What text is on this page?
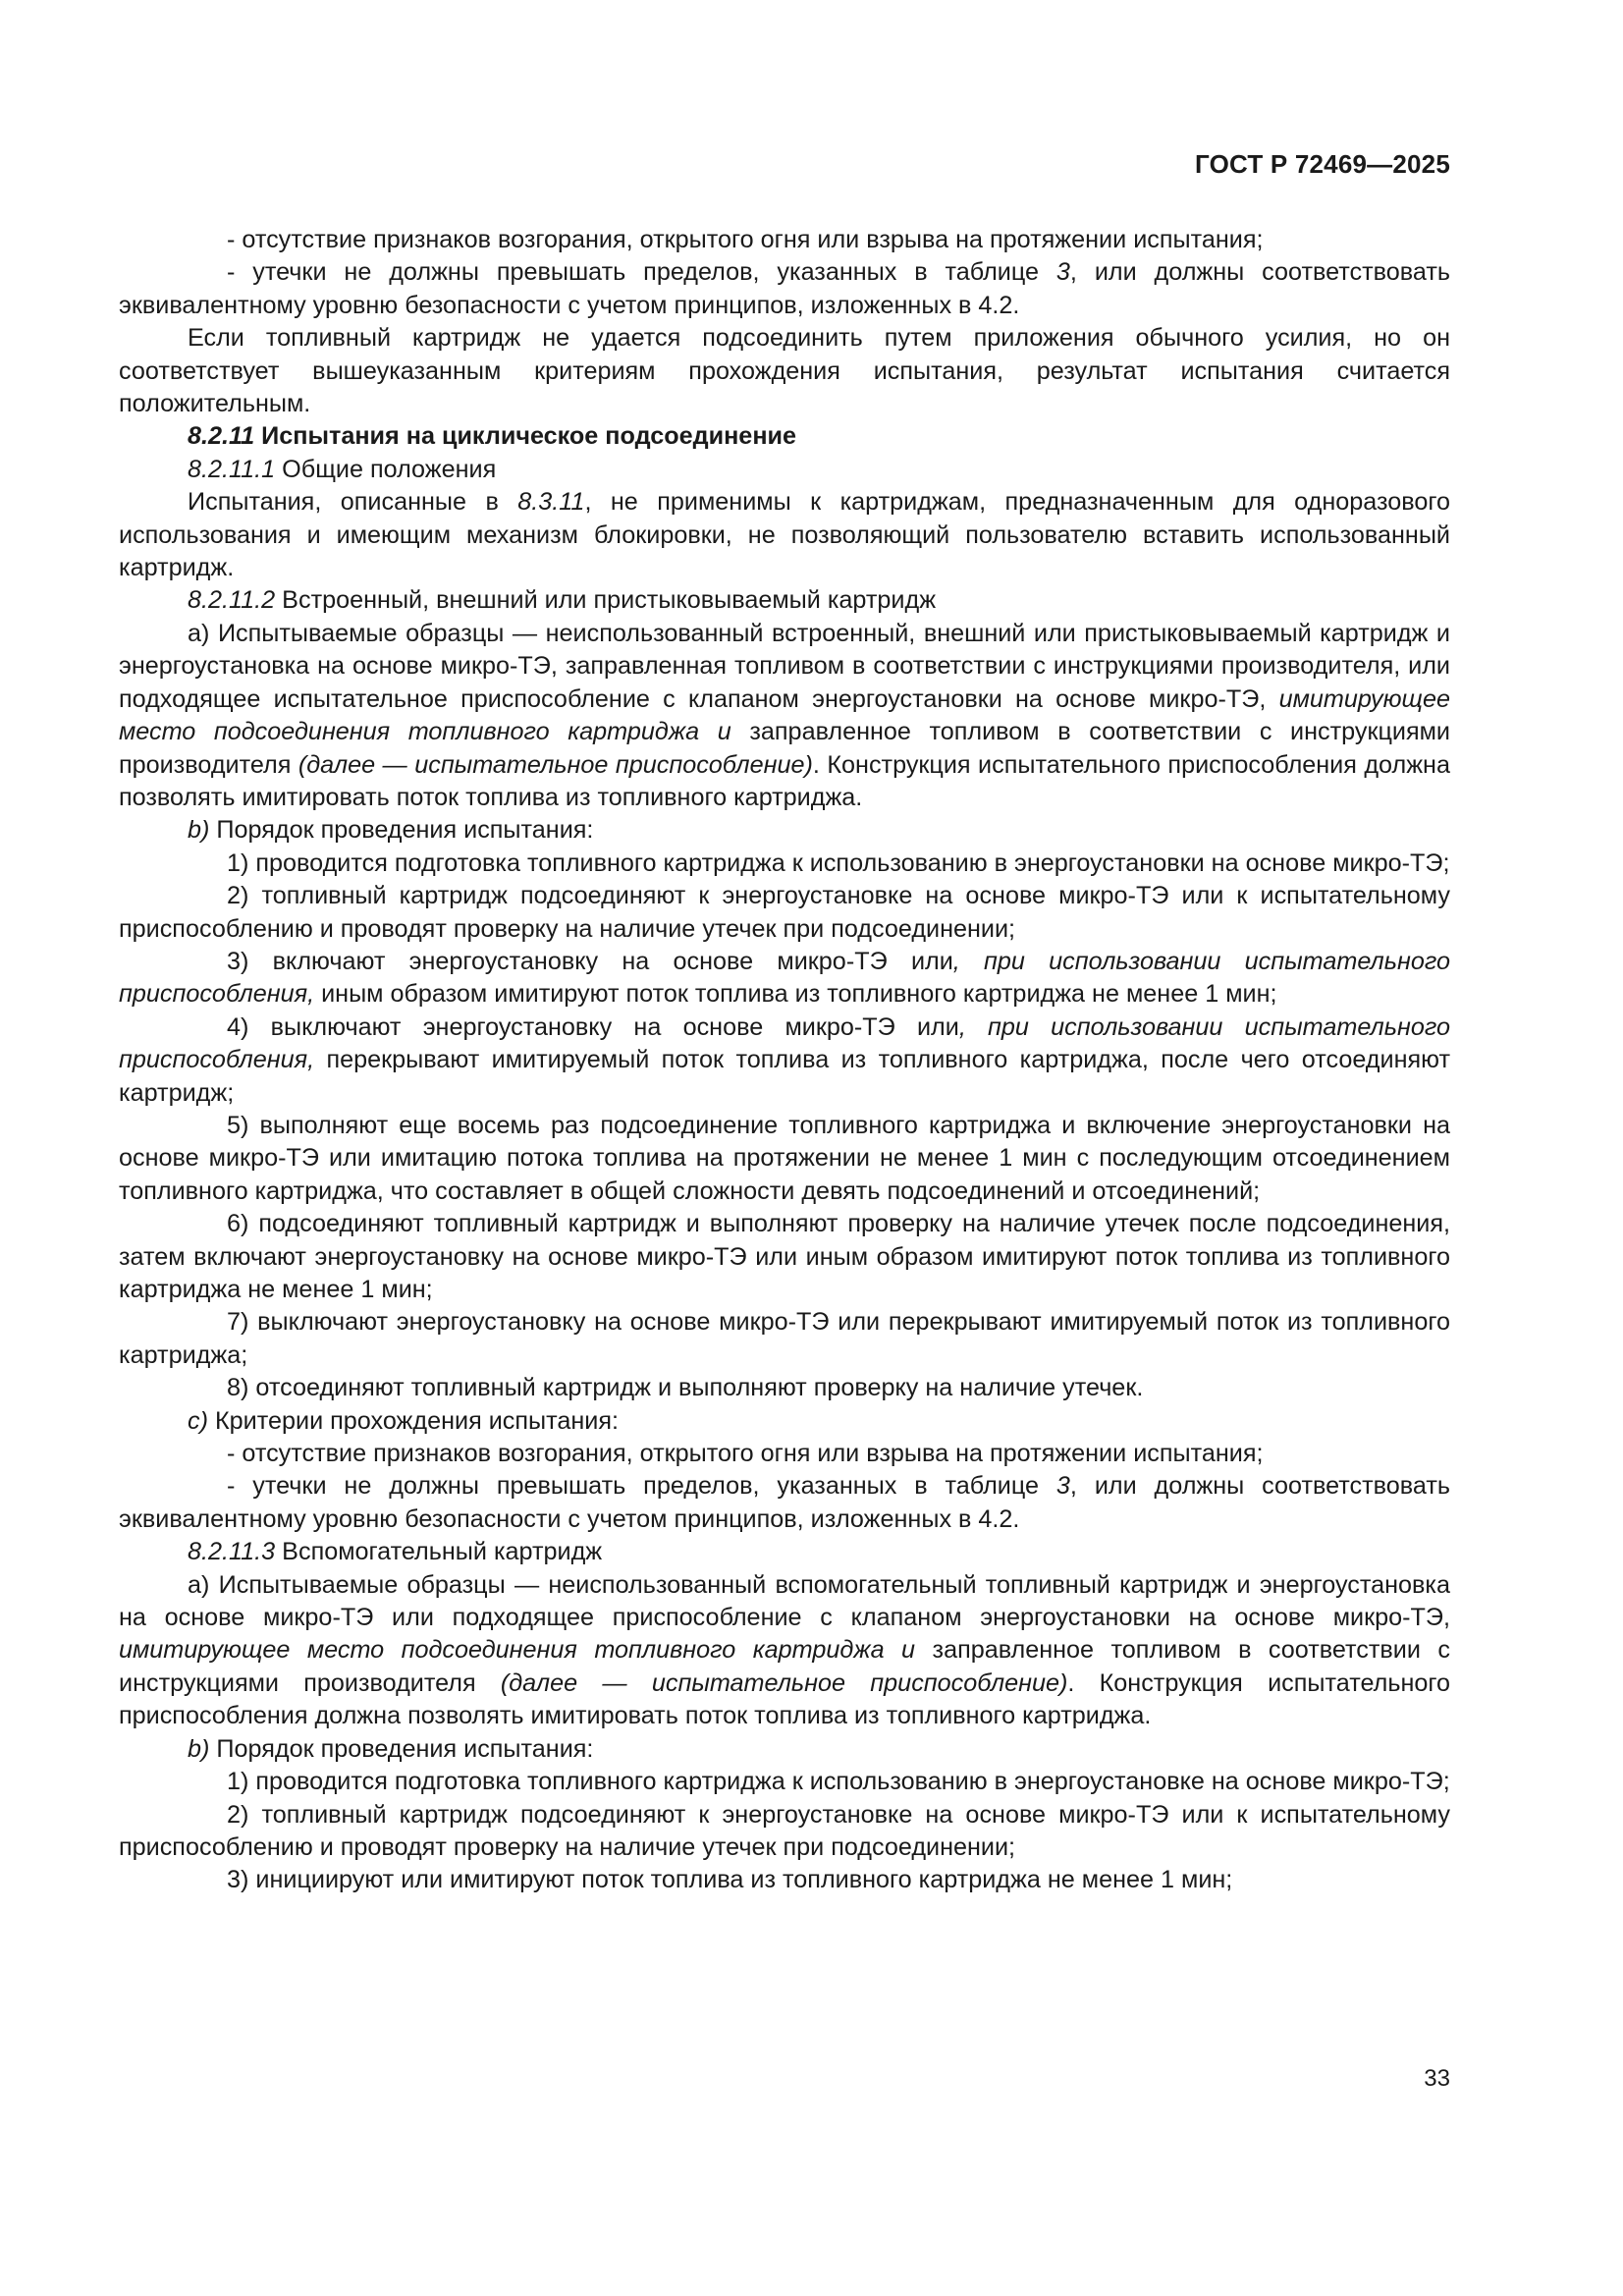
ГОСТ Р 72469—2025

- отсутствие признаков возгорания, открытого огня или взрыва на протяжении испытания;

- утечки не должны превышать пределов, указанных в таблице 3, или должны соответствовать эквивалентному уровню безопасности с учетом принципов, изложенных в 4.2.

Если топливный картридж не удается подсоединить путем приложения обычного усилия, но он соответствует вышеуказанным критериям прохождения испытания, результат испытания считается положительным.

8.2.11 Испытания на циклическое подсоединение

8.2.11.1 Общие положения

Испытания, описанные в 8.3.11, не применимы к картриджам, предназначенным для одноразового использования и имеющим механизм блокировки, не позволяющий пользователю вставить использованный картридж.

8.2.11.2 Встроенный, внешний или пристыковываемый картридж

a) Испытываемые образцы — неиспользованный встроенный, внешний или пристыковываемый картридж и энергоустановка на основе микро-ТЭ, заправленная топливом в соответствии с инструкциями производителя, или подходящее испытательное приспособление с клапаном энергоустановки на основе микро-ТЭ, имитирующее место подсоединения топливного картриджа и заправленное топливом в соответствии с инструкциями производителя (далее — испытательное приспособление). Конструкция испытательного приспособления должна позволять имитировать поток топлива из топливного картриджа.

b) Порядок проведения испытания:

1) проводится подготовка топливного картриджа к использованию в энергоустановки на основе микро-ТЭ;

2) топливный картридж подсоединяют к энергоустановке на основе микро-ТЭ или к испытательному приспособлению и проводят проверку на наличие утечек при подсоединении;

3) включают энергоустановку на основе микро-ТЭ или, при использовании испытательного приспособления, иным образом имитируют поток топлива из топливного картриджа не менее 1 мин;

4) выключают энергоустановку на основе микро-ТЭ или, при использовании испытательного приспособления, перекрывают имитируемый поток топлива из топливного картриджа, после чего отсоединяют картридж;

5) выполняют еще восемь раз подсоединение топливного картриджа и включение энергоустановки на основе микро-ТЭ или имитацию потока топлива на протяжении не менее 1 мин с последующим отсоединением топливного картриджа, что составляет в общей сложности девять подсоединений и отсоединений;

6) подсоединяют топливный картридж и выполняют проверку на наличие утечек после подсоединения, затем включают энергоустановку на основе микро-ТЭ или иным образом имитируют поток топлива из топливного картриджа не менее 1 мин;

7) выключают энергоустановку на основе микро-ТЭ или перекрывают имитируемый поток из топливного картриджа;

8) отсоединяют топливный картридж и выполняют проверку на наличие утечек.

c) Критерии прохождения испытания:

- отсутствие признаков возгорания, открытого огня или взрыва на протяжении испытания;

- утечки не должны превышать пределов, указанных в таблице 3, или должны соответствовать эквивалентному уровню безопасности с учетом принципов, изложенных в 4.2.

8.2.11.3 Вспомогательный картридж

a) Испытываемые образцы — неиспользованный вспомогательный топливный картридж и энергоустановка на основе микро-ТЭ или подходящее приспособление с клапаном энергоустановки на основе микро-ТЭ, имитирующее место подсоединения топливного картриджа и заправленное топливом в соответствии с инструкциями производителя (далее — испытательное приспособление). Конструкция испытательного приспособления должна позволять имитировать поток топлива из топливного картриджа.

b) Порядок проведения испытания:

1) проводится подготовка топливного картриджа к использованию в энергоустановке на основе микро-ТЭ;

2) топливный картридж подсоединяют к энергоустановке на основе микро-ТЭ или к испытательному приспособлению и проводят проверку на наличие утечек при подсоединении;

3) инициируют или имитируют поток топлива из топливного картриджа не менее 1 мин;

33
